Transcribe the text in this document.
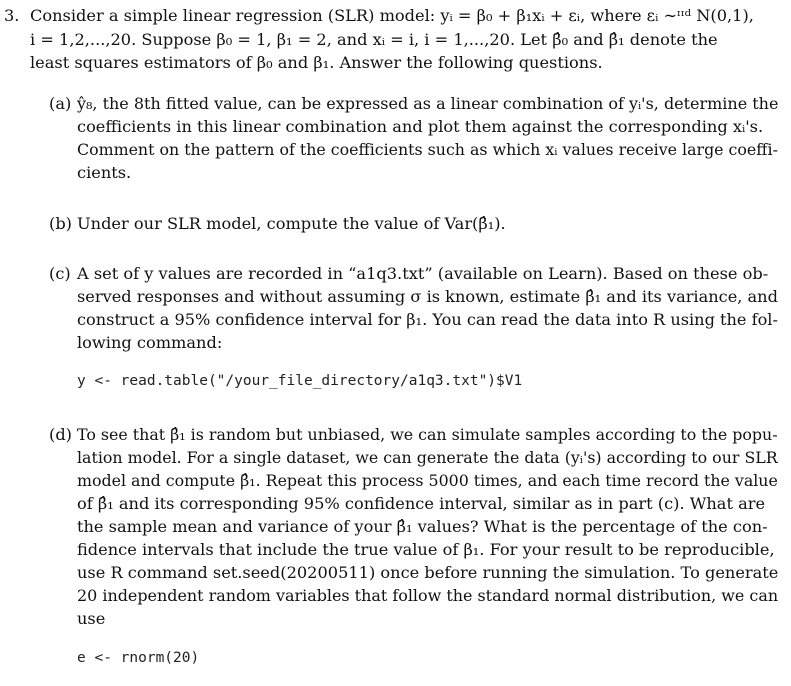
3. Consider a simple linear regression (SLR) model: yᵢ = β₀ + β₁xᵢ + εᵢ, where εᵢ ∼ᶦᶦᵈ N(0,1),
i = 1,2,...,20. Suppose β₀ = 1, β₁ = 2, and xᵢ = i, i = 1,...,20. Let β̂₀ and β̂₁ denote the
least squares estimators of β₀ and β₁. Answer the following questions.
(a) ŷ₈, the 8th fitted value, can be expressed as a linear combination of yᵢ's, determine the
coefficients in this linear combination and plot them against the corresponding xᵢ's.
Comment on the pattern of the coefficients such as which xᵢ values receive large coeffi-
cients.
(b) Under our SLR model, compute the value of Var(β̂₁).
(c) A set of y values are recorded in “a1q3.txt” (available on Learn). Based on these ob-
served responses and without assuming σ is known, estimate β̂₁ and its variance, and
construct a 95% confidence interval for β₁. You can read the data into R using the fol-
lowing command:
y <- read.table("/your_file_directory/a1q3.txt")$V1
(d) To see that β̂₁ is random but unbiased, we can simulate samples according to the popu-
lation model. For a single dataset, we can generate the data (yᵢ's) according to our SLR
model and compute β̂₁. Repeat this process 5000 times, and each time record the value
of β̂₁ and its corresponding 95% confidence interval, similar as in part (c). What are
the sample mean and variance of your β̂₁ values? What is the percentage of the con-
fidence intervals that include the true value of β₁. For your result to be reproducible,
use R command set.seed(20200511) once before running the simulation. To generate
20 independent random variables that follow the standard normal distribution, we can
use
e <- rnorm(20)
